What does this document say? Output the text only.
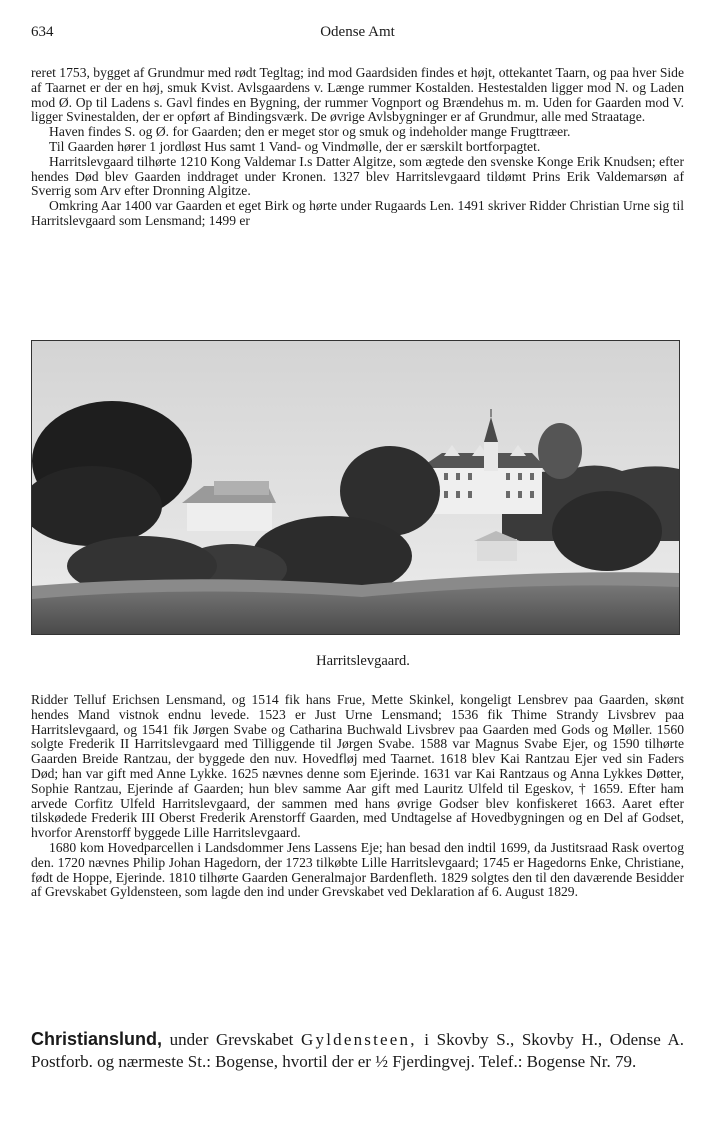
634	Odense Amt

reret 1753, bygget af Grundmur med rødt Tegltag; ind mod Gaardsiden findes et højt, ottekantet Taarn, og paa hver Side af Taarnet er der en høj, smuk Kvist. Avlsgaardens v. Længe rummer Kostalden. Hestestalden ligger mod N. og Laden mod Ø. Op til Ladens s. Gavl findes en Bygning, der rummer Vognport og Brændehus m. m. Uden for Gaarden mod V. ligger Svinestalden, der er opført af Bindingsværk. De øvrige Avlsbygninger er af Grundmur, alle med Straatage.

Haven findes S. og Ø. for Gaarden; den er meget stor og smuk og indeholder mange Frugttræer.

Til Gaarden hører 1 jordløst Hus samt 1 Vand- og Vindmølle, der er særskilt bortforpagtet.

Harritslevgaard tilhørte 1210 Kong Valdemar I.s Datter Algitze, som ægtede den svenske Konge Erik Knudsen; efter hendes Død blev Gaarden inddraget under Kronen. 1327 blev Harritslevgaard tildømt Prins Erik Valdemarsøn af Sverrig som Arv efter Dronning Algitze.

Omkring Aar 1400 var Gaarden et eget Birk og hørte under Rugaards Len. 1491 skriver Ridder Christian Urne sig til Harritslevgaard som Lensmand; 1499 er

Harritslevgaard.

Ridder Telluf Erichsen Lensmand, og 1514 fik hans Frue, Mette Skinkel, kongeligt Lensbrev paa Gaarden, skønt hendes Mand vistnok endnu levede. 1523 er Just Urne Lensmand; 1536 fik Thime Strandy Livsbrev paa Harritslevgaard, og 1541 fik Jørgen Svabe og Catharina Buchwald Livsbrev paa Gaarden med Gods og Møller. 1560 solgte Frederik II Harritslevgaard med Tilliggende til Jørgen Svabe. 1588 var Magnus Svabe Ejer, og 1590 tilhørte Gaarden Breide Rantzau, der byggede den nuv. Hovedfløj med Taarnet. 1618 blev Kai Rantzau Ejer ved sin Faders Død; han var gift med Anne Lykke. 1625 nævnes denne som Ejerinde. 1631 var Kai Rantzaus og Anna Lykkes Døtter, Sophie Rantzau, Ejerinde af Gaarden; hun blev samme Aar gift med Lauritz Ulfeld til Egeskov, † 1659. Efter ham arvede Corfitz Ulfeld Harritslevgaard, der sammen med hans øvrige Godser blev konfiskeret 1663. Aaret efter tilskødede Frederik III Oberst Frederik Arenstorff Gaarden, med Undtagelse af Hovedbygningen og en Del af Godset, hvorfor Arenstorff byggede Lille Harritslevgaard.

1680 kom Hovedparcellen i Landsdommer Jens Lassens Eje; han besad den indtil 1699, da Justitsraad Rask overtog den. 1720 nævnes Philip Johan Hagedorn, der 1723 tilkøbte Lille Harritslevgaard; 1745 er Hagedorns Enke, Christiane, født de Hoppe, Ejerinde. 1810 tilhørte Gaarden Generalmajor Bardenfleth. 1829 solgtes den til den daværende Besidder af Grevskabet Gyldensteen, som lagde den ind under Grevskabet ved Deklaration af 6. August 1829.

Christianslund, under Grevskabet Gyldensteen, i Skovby S., Skovby H., Odense A. Postforb. og nærmeste St.: Bogense, hvortil der er ½ Fjerdingvej. Telef.: Bogense Nr. 79.
